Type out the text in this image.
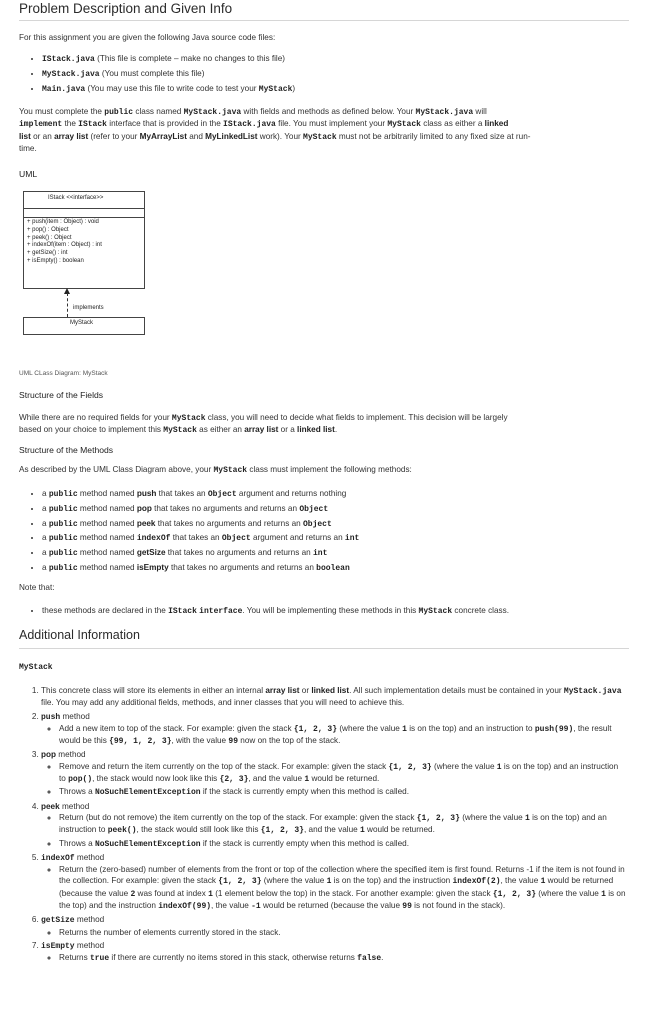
Problem Description and Given Info

For this assignment you are given the following Java source code files:

• IStack.java (This file is complete – make no changes to this file)
• MyStack.java (You must complete this file)
• Main.java (You may use this file to write code to test your MyStack)

You must complete the public class named MyStack.java with fields and methods as defined below. Your MyStack.java will
implement the IStack interface that is provided in the IStack.java file. You must implement your MyStack class as either a linked
list or an array list (refer to your MyArrayList and MyLinkedList work). Your MyStack must not be arbitrarily limited to any fixed size at run-
time.

UML
IStack <<interface>>
+ push(item : Object) : void
+ pop() : Object
+ peek() : Object
+ indexOf(item : Object) : int
+ getSize() : int
+ isEmpty() : boolean
implements
MyStack
UML CLass Diagram: MyStack
Structure of the Fields

While there are no required fields for your MyStack class, you will need to decide what fields to implement. This decision will be largely
based on your choice to implement this MyStack as either an array list or a linked list.

Structure of the Methods

As described by the UML Class Diagram above, your MyStack class must implement the following methods:

• a public method named push that takes an Object argument and returns nothing
• a public method named pop that takes no arguments and returns an Object
• a public method named peek that takes no arguments and returns an Object
• a public method named indexOf that takes an Object argument and returns an int
• a public method named getSize that takes no arguments and returns an int
• a public method named isEmpty that takes no arguments and returns an boolean

Note that:

• these methods are declared in the IStack interface. You will be implementing these methods in this MyStack concrete class.
Additional Information

MyStack

1. This concrete class will store its elements in either an internal array list or linked list. All such implementation details must be contained in your MyStack.java file. You may add any additional fields, methods, and inner classes that you will need to achieve this.
2. push method
◦ Add a new item to top of the stack. For example: given the stack {1, 2, 3} (where the value 1 is on the top) and an instruction to push(99), the result would be this {99, 1, 2, 3}, with the value 99 now on the top of the stack.
3. pop method
◦ Remove and return the item currently on the top of the stack. For example: given the stack {1, 2, 3} (where the value 1 is on the top) and an instruction to pop(), the stack would now look like this {2, 3}, and the value 1 would be returned.
◦ Throws a NoSuchElementException if the stack is currently empty when this method is called.
4. peek method
◦ Return (but do not remove) the item currently on the top of the stack. For example: given the stack {1, 2, 3} (where the value 1 is on the top) and an instruction to peek(), the stack would still look like this {1, 2, 3}, and the value 1 would be returned.
◦ Throws a NoSuchElementException if the stack is currently empty when this method is called.
5. indexOf method
◦ Return the (zero-based) number of elements from the front or top of the collection where the specified item is first found. Returns -1 if the item is not found in the collection. For example: given the stack {1, 2, 3} (where the value 1 is on the top) and the instruction indexOf(2), the value 1 would be returned (because the value 2 was found at index 1 (1 element below the top) in the stack. For another example: given the stack {1, 2, 3} (where the value 1 is on the top) and the instruction indexOf(99), the value -1 would be returned (because the value 99 is not found in the stack).
6. getSize method
◦ Returns the number of elements currently stored in the stack.
7. isEmpty method
◦ Returns true if there are currently no items stored in this stack, otherwise returns false.
